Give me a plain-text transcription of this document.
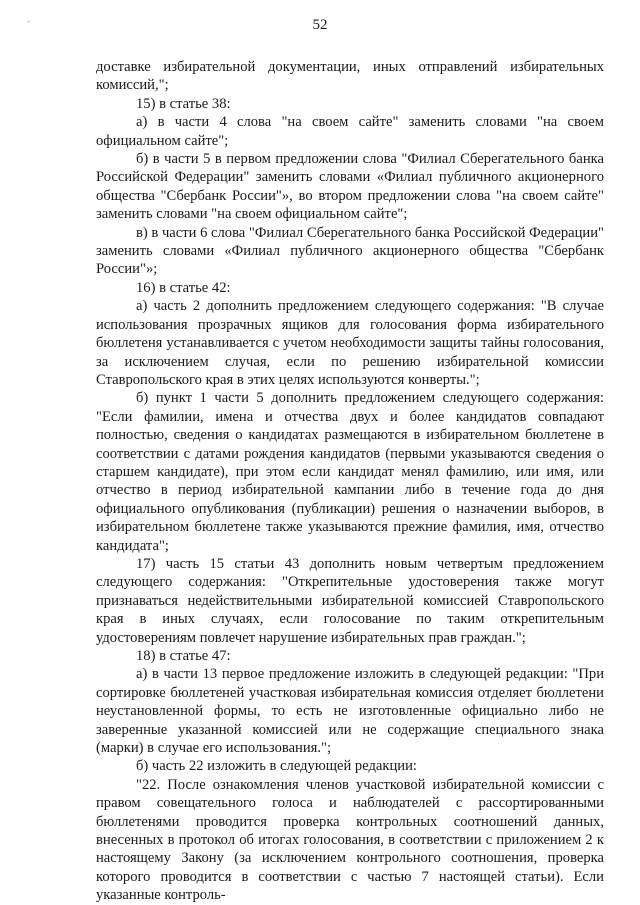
-	52

доставке избирательной документации, иных отправлений избирательных комиссий,";

15) в статье 38:

а) в части 4 слова "на своем сайте" заменить словами "на своем официальном сайте";

б) в части 5 в первом предложении слова "Филиал Сберегательного банка Российской Федерации" заменить словами «Филиал публичного акционерного общества "Сбербанк России"», во втором предложении слова "на своем сайте" заменить словами "на своем официальном сайте";

в) в части 6 слова "Филиал Сберегательного банка Российской Федерации" заменить словами «Филиал публичного акционерного общества "Сбербанк России"»;

16) в статье 42:

а) часть 2 дополнить предложением следующего содержания: "В случае использования прозрачных ящиков для голосования форма избирательного бюллетеня устанавливается с учетом необходимости защиты тайны голосования, за исключением случая, если по решению избирательной комиссии Ставропольского края в этих целях используются конверты.";

б) пункт 1 части 5 дополнить предложением следующего содержания: "Если фамилии, имена и отчества двух и более кандидатов совпадают полностью, сведения о кандидатах размещаются в избирательном бюллетене в соответствии с датами рождения кандидатов (первыми указываются сведения о старшем кандидате), при этом если кандидат менял фамилию, или имя, или отчество в период избирательной кампании либо в течение года до дня официального опубликования (публикации) решения о назначении выборов, в избирательном бюллетене также указываются прежние фамилия, имя, отчество кандидата";

17) часть 15 статьи 43 дополнить новым четвертым предложением следующего содержания: "Открепительные удостоверения также могут признаваться недействительными избирательной комиссией Ставропольского края в иных случаях, если голосование по таким открепительным удостоверениям повлечет нарушение избирательных прав граждан.";

18) в статье 47:

а) в части 13 первое предложение изложить в следующей редакции: "При сортировке бюллетеней участковая избирательная комиссия отделяет бюллетени неустановленной формы, то есть не изготовленные официально либо не заверенные указанной комиссией или не содержащие специального знака (марки) в случае его использования.";

б) часть 22 изложить в следующей редакции:

"22. После ознакомления членов участковой избирательной комиссии с правом совещательного голоса и наблюдателей с рассортированными бюллетенями проводится проверка контрольных соотношений данных, внесенных в протокол об итогах голосования, в соответствии с приложением 2 к настоящему Закону (за исключением контрольного соотношения, проверка которого проводится в соответствии с частью 7 настоящей статьи). Если указанные контроль-
